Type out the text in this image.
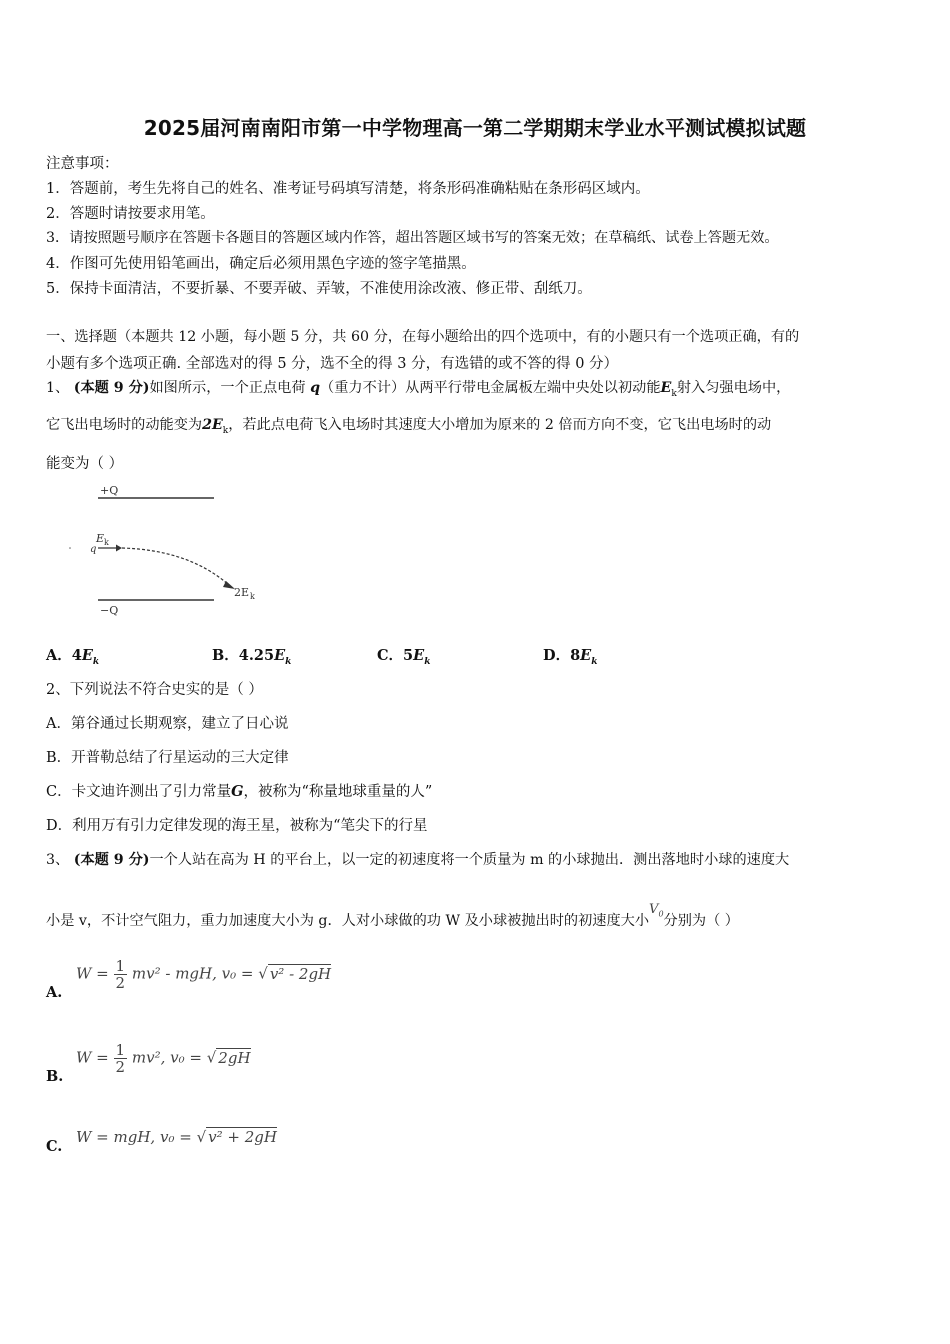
2025届河南南阳市第一中学物理高一第二学期期末学业水平测试模拟试题
注意事项：
1．答题前，考生先将自己的姓名、准考证号码填写清楚，将条形码准确粘贴在条形码区域内。
2．答题时请按要求用笔。
3．请按照题号顺序在答题卡各题目的答题区域内作答，超出答题区域书写的答案无效；在草稿纸、试卷上答题无效。
4．作图可先使用铅笔画出，确定后必须用黑色字迹的签字笔描黑。
5．保持卡面清洁，不要折暴、不要弄破、弄皱，不准使用涂改液、修正带、刮纸刀。
一、选择题（本题共 12 小题，每小题 5 分，共 60 分，在每小题给出的四个选项中，有的小题只有一个选项正确，有的
小题有多个选项正确. 全部选对的得 5 分，选不全的得 3 分，有选错的或不答的得 0 分）
1、 (本题 9 分)如图所示，一个正点电荷 q（重力不计）从两平行带电金属板左端中央处以初动能$E_k$射入匀强电场中，
它飞出电场时的动能变为$2E_k$，若此点电荷飞入电场时其速度大小增加为原来的 2 倍而方向不变，它飞出电场时的动
能变为（ ）
+Q
E k
q
2E k
−Q
A．$4E_k$	B．$4.25E_k$	C．$5E_k$	D．$8E_k$
2、下列说法不符合史实的是（ ）
A．第谷通过长期观察，建立了日心说
B．开普勒总结了行星运动的三大定律
C．卡文迪许测出了引力常量G，被称为“称量地球重量的人”
D．利用万有引力定律发现的海王星，被称为“笔尖下的行星
3、 (本题 9 分)一个人站在高为 H 的平台上，以一定的初速度将一个质量为 m 的小球抛出．测出落地时小球的速度大
小是 v，不计空气阻力，重力加速度大小为 g．人对小球做的功 W 及小球被抛出时的初速度大小$V_0$分别为（ ）
A.
$W = \frac{1}{2} mv^2$ - mgH, v₀ = √ v² - 2gH
B.
$W = \frac{1}{2} mv^2$, v₀ = √ 2gH
C.
W = mgH, v₀ = √ v² + 2gH
